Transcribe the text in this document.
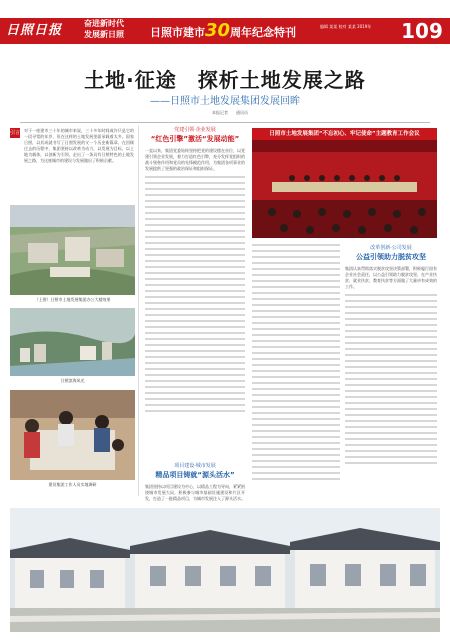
日照日报	奋进新时代
发展新日照	日照市建市30周年纪念特刊	编辑 某某 校对 某某 2019年	109
土地·征途　探析土地发展之路
——日照市土地发展集团发展回眸
本报记者　　通讯员
引言 对于一座建市三十年的城市来说，三十多年时间或许只是它的一段寻常的年岁，但在这样的土地发展里面承载着太多。国家日照，以其成就书写了日照发展的又一个历史新篇章。在回顾过去的历程中，集团坚持以改革为动力，以发展为目标，以土地为载体，以创新为引领，走出了一条具有日照特色的土地发展之路，为这座城市的建设与发展做出了积极贡献。
（上图）日照市土地发展集团办公大楼效果
日照滨海风光
建设集团工作人员实地调研
党建引领·企业发展
“红色引擎”激活“发展动能”
一直以来，集团党委始终坚持把党的建设摆在首位，以党建引领企业发展，着力打造红色引擎，充分发挥党组织的战斗堡垒作用和党员的先锋模范作用，为集团各项事业的发展提供了坚强的政治保证和组织保证。
项目建设·城市发展
精品项目铸就“源头活水”
集团坚持以项目建设为中心，以精品工程为导向，紧紧围绕城市发展大局，积极参与城市基础设施建设和片区开发，打造了一批精品项目，为城市发展注入了源头活水。
日照市土地发展集团“不忘初心、牢记使命”主题教育工作会议
改革创新·公司发展
公益引领助力脱贫攻坚
集团认真贯彻落实脱贫攻坚决策部署，积极履行国有企业社会责任，以公益引领助力脱贫攻坚，在产业扶贫、就业扶贫、教育扶贫等方面做了大量卓有成效的工作。
